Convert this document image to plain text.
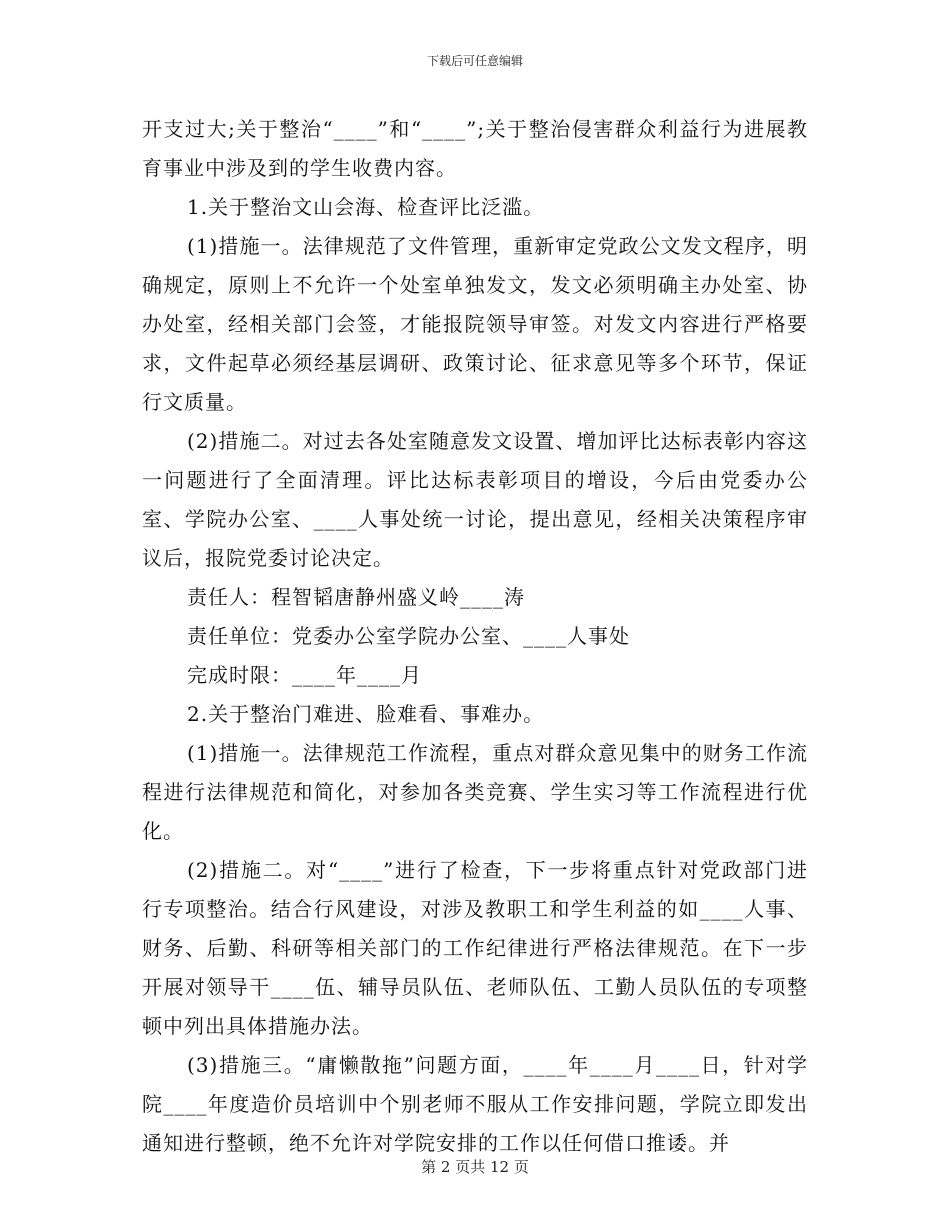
下载后可任意编辑

开支过大;关于整治“____”和“____”;关于整治侵害群众利益行为进展教育事业中涉及到的学生收费内容。

1.关于整治文山会海、检查评比泛滥。

(1)措施一。法律规范了文件管理，重新审定党政公文发文程序，明确规定，原则上不允许一个处室单独发文，发文必须明确主办处室、协办处室，经相关部门会签，才能报院领导审签。对发文内容进行严格要求，文件起草必须经基层调研、政策讨论、征求意见等多个环节，保证行文质量。

(2)措施二。对过去各处室随意发文设置、增加评比达标表彰内容这一问题进行了全面清理。评比达标表彰项目的增设，今后由党委办公室、学院办公室、____人事处统一讨论，提出意见，经相关决策程序审议后，报院党委讨论决定。

责任人：程智韬唐静州盛义岭____涛

责任单位：党委办公室学院办公室、____人事处

完成时限：____年____月

2.关于整治门难进、脸难看、事难办。

(1)措施一。法律规范工作流程，重点对群众意见集中的财务工作流程进行法律规范和简化，对参加各类竞赛、学生实习等工作流程进行优化。

(2)措施二。对“____”进行了检查，下一步将重点针对党政部门进行专项整治。结合行风建设，对涉及教职工和学生利益的如____人事、财务、后勤、科研等相关部门的工作纪律进行严格法律规范。在下一步开展对领导干____伍、辅导员队伍、老师队伍、工勤人员队伍的专项整顿中列出具体措施办法。

(3)措施三。“庸懒散拖”问题方面，____年____月____日，针对学院____年度造价员培训中个别老师不服从工作安排问题，学院立即发出通知进行整顿，绝不允许对学院安排的工作以任何借口推诿。并

第 2 页共 12 页
